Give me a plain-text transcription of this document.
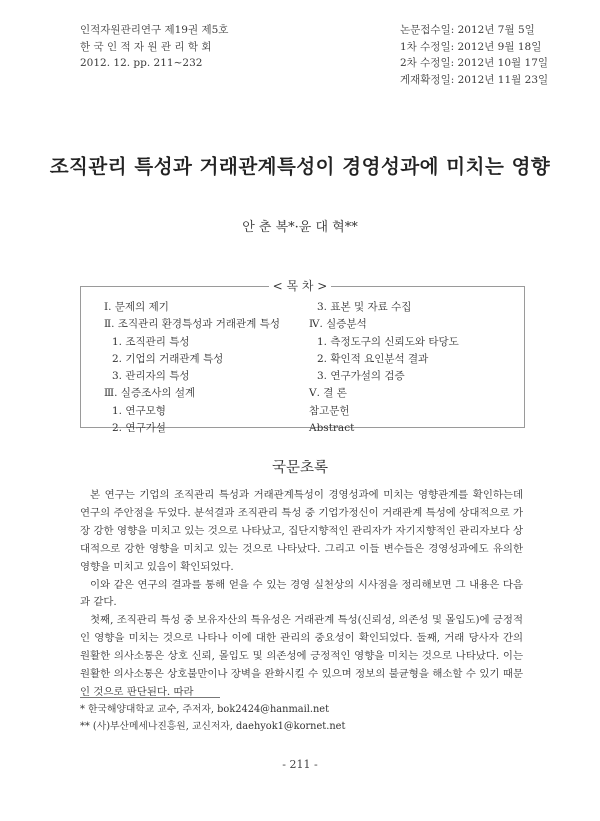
인적자원관리연구 제19권 제5호
한 국 인 적 자 원 관 리 학 회
2012. 12. pp. 211∼232
논문접수일: 2012년 7월 5일
1차 수정일: 2012년 9월 18일
2차 수정일: 2012년 10월 17일
게재확정일: 2012년 11월 23일
조직관리 특성과 거래관계특성이 경영성과에 미치는 영향
안 춘 복*·윤 대 혁**
< 목 차 >
Ⅰ. 문제의 제기
Ⅱ. 조직관리 환경특성과 거래관계 특성
1. 조직관리 특성
2. 기업의 거래관계 특성
3. 관리자의 특성
Ⅲ. 실증조사의 설계
1. 연구모형
2. 연구가설
3. 표본 및 자료 수집
Ⅳ. 실증분석
1. 측정도구의 신뢰도와 타당도
2. 확인적 요인분석 결과
3. 연구가설의 검증
Ⅴ. 결 론
참고문헌
Abstract
국문초록

본 연구는 기업의 조직관리 특성과 거래관계특성이 경영성과에 미치는 영향관계를 확인하는데 연구의 주안점을 두었다. 분석결과 조직관리 특성 중 기업가정신이 거래관계 특성에 상대적으로 가장 강한 영향을 미치고 있는 것으로 나타났고, 집단지향적인 관리자가 자기지향적인 관리자보다 상대적으로 강한 영향을 미치고 있는 것으로 나타났다. 그리고 이들 변수들은 경영성과에도 유의한 영향을 미치고 있음이 확인되었다.

이와 같은 연구의 결과를 통해 얻을 수 있는 경영 실천상의 시사점을 정리해보면 그 내용은 다음과 같다.

첫째, 조직관리 특성 중 보유자산의 특유성은 거래관계 특성(신뢰성, 의존성 및 몰입도)에 긍정적인 영향을 미치는 것으로 나타나 이에 대한 관리의 중요성이 확인되었다. 둘째, 거래 당사자 간의 원활한 의사소통은 상호 신뢰, 몰입도 및 의존성에 긍정적인 영향을 미치는 것으로 나타났다. 이는 원활한 의사소통은 상호불만이나 장벽을 완화시킬 수 있으며 정보의 불균형을 해소할 수 있기 때문인 것으로 판단된다. 따라

* 한국해양대학교 교수, 주저자, bok2424@hanmail.net
** (사)부산메세나진흥원, 교신저자, daehyok1@kornet.net
- 211 -
